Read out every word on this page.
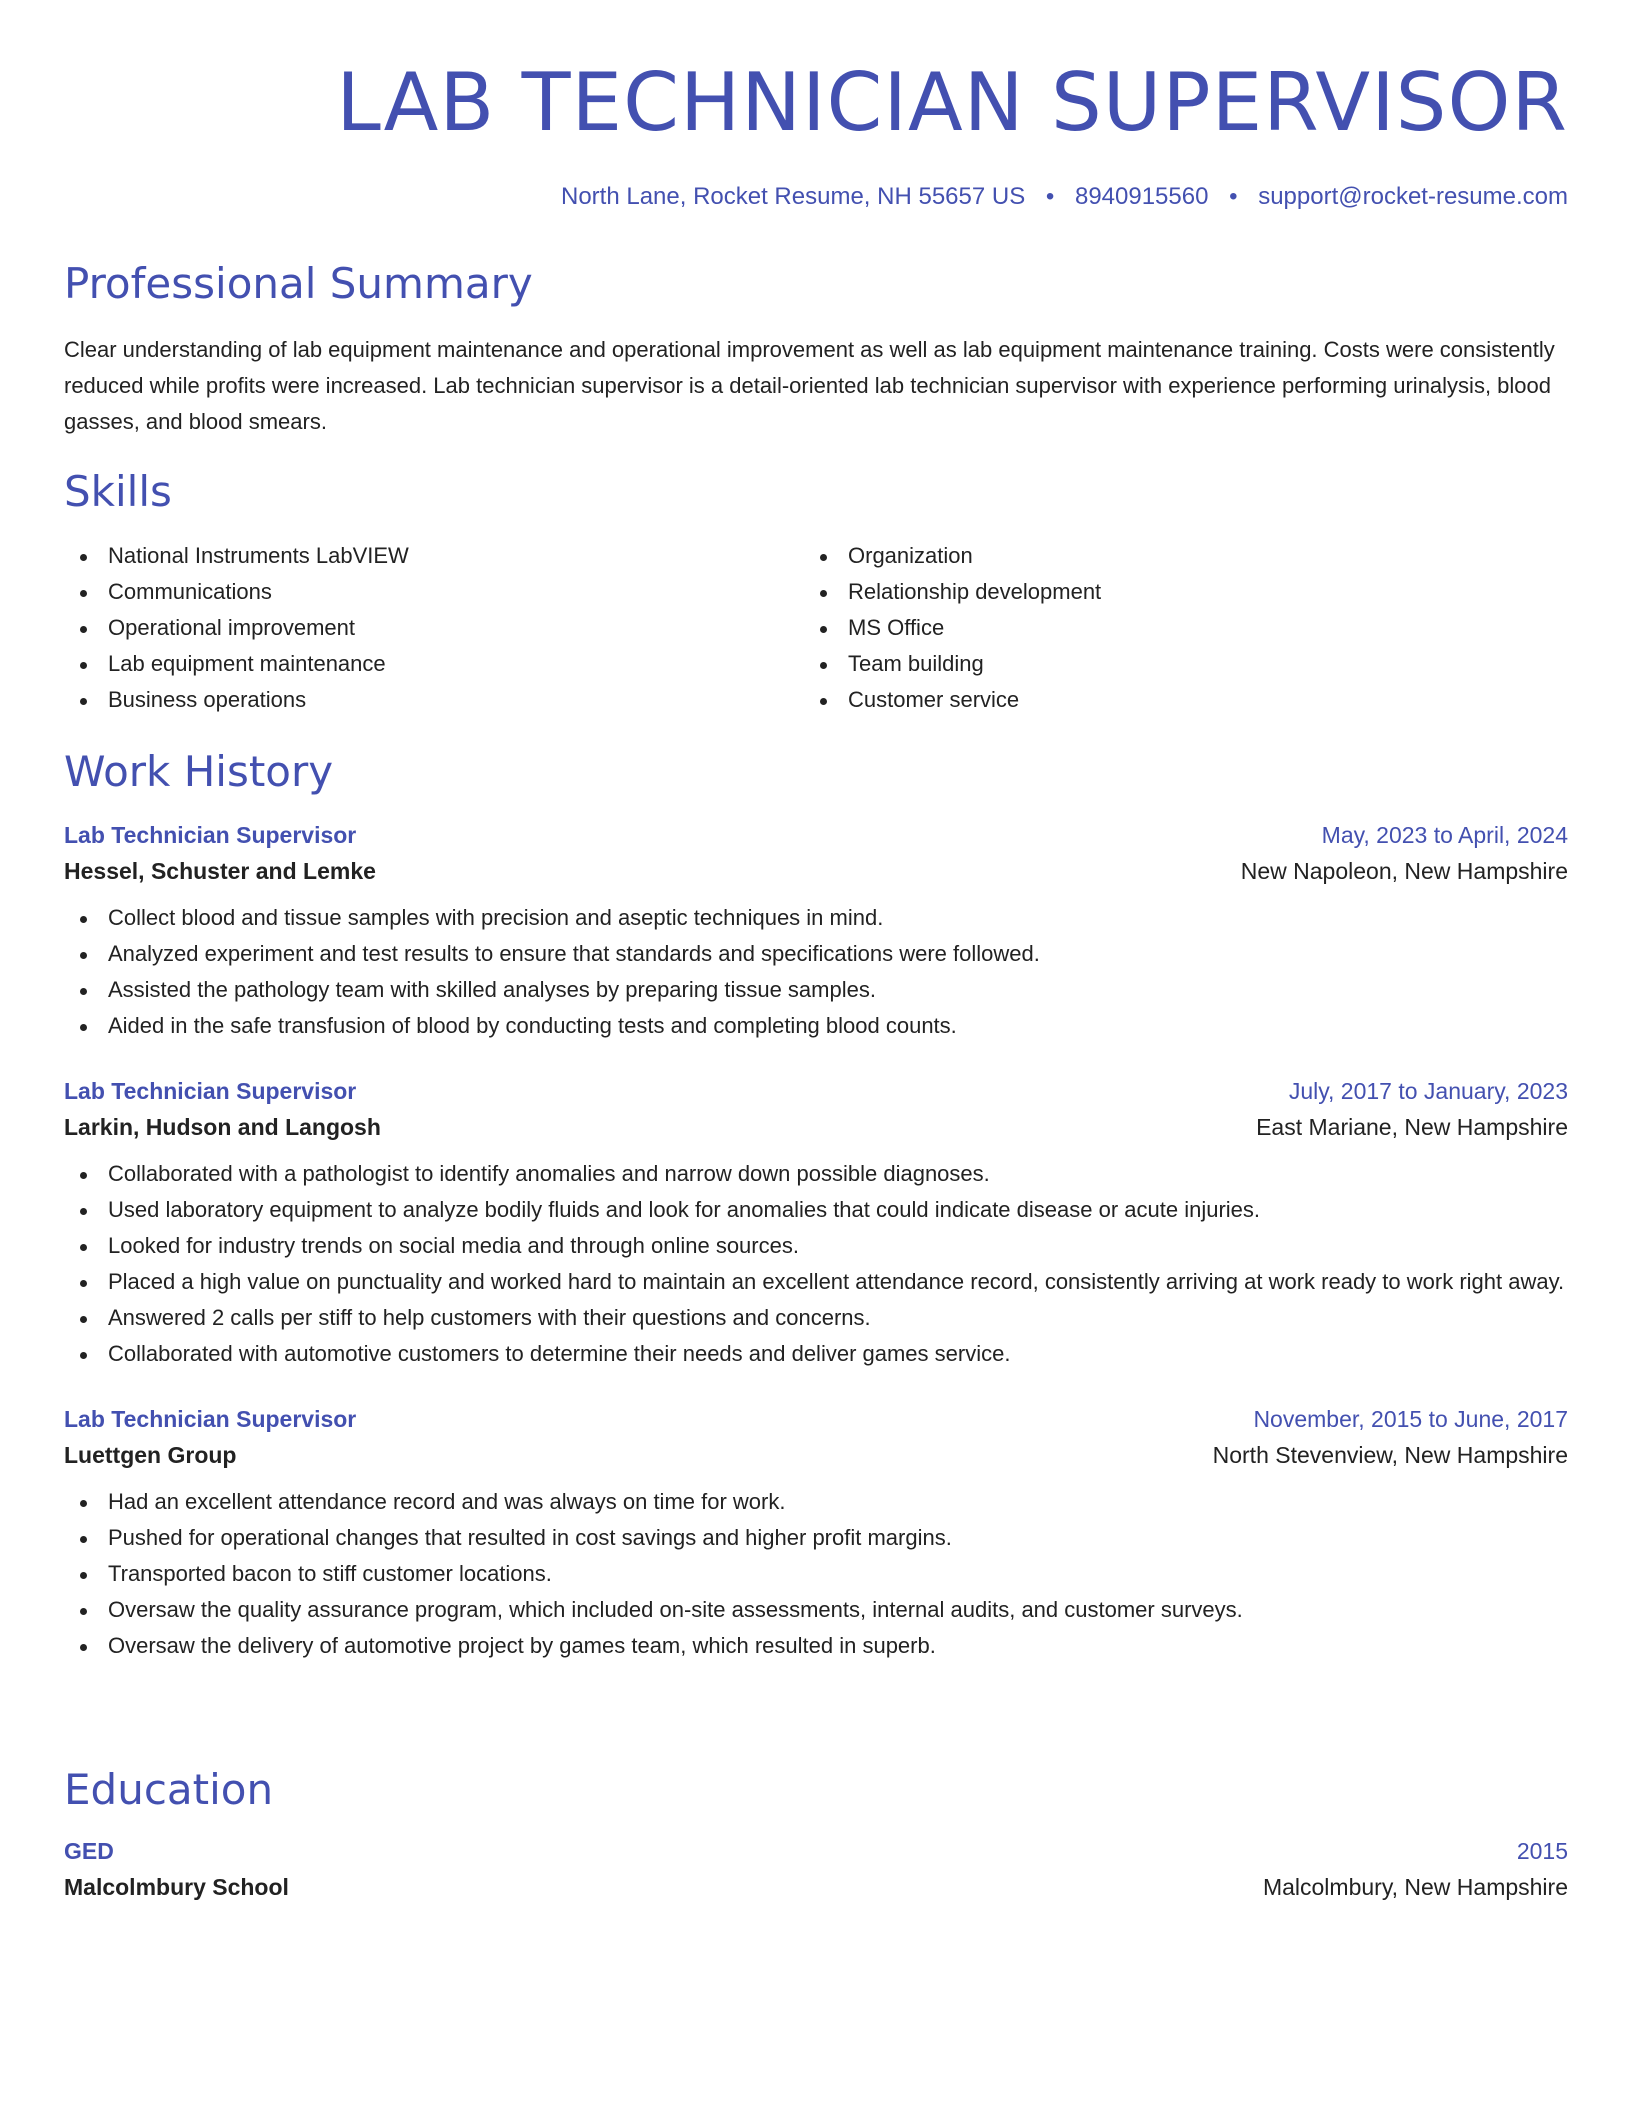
LAB TECHNICIAN SUPERVISOR
North Lane, Rocket Resume, NH 55657 US • 8940915560 • support@rocket-resume.com
Professional Summary

Clear understanding of lab equipment maintenance and operational improvement as well as lab equipment maintenance training. Costs were consistently reduced while profits were increased. Lab technician supervisor is a detail-oriented lab technician supervisor with experience performing urinalysis, blood gasses, and blood smears.

Skills
National Instruments LabVIEW
Communications
Operational improvement
Lab equipment maintenance
Business operations
Organization
Relationship development
MS Office
Team building
Customer service
Work History
Lab Technician Supervisor	May, 2023 to April, 2024
Hessel, Schuster and Lemke	New Napoleon, New Hampshire
Collect blood and tissue samples with precision and aseptic techniques in mind.
Analyzed experiment and test results to ensure that standards and specifications were followed.
Assisted the pathology team with skilled analyses by preparing tissue samples.
Aided in the safe transfusion of blood by conducting tests and completing blood counts.
Lab Technician Supervisor	July, 2017 to January, 2023
Larkin, Hudson and Langosh	East Mariane, New Hampshire
Collaborated with a pathologist to identify anomalies and narrow down possible diagnoses.
Used laboratory equipment to analyze bodily fluids and look for anomalies that could indicate disease or acute injuries.
Looked for industry trends on social media and through online sources.
Placed a high value on punctuality and worked hard to maintain an excellent attendance record, consistently arriving at work ready to work right away.
Answered 2 calls per stiff to help customers with their questions and concerns.
Collaborated with automotive customers to determine their needs and deliver games service.
Lab Technician Supervisor	November, 2015 to June, 2017
Luettgen Group	North Stevenview, New Hampshire
Had an excellent attendance record and was always on time for work.
Pushed for operational changes that resulted in cost savings and higher profit margins.
Transported bacon to stiff customer locations.
Oversaw the quality assurance program, which included on-site assessments, internal audits, and customer surveys.
Oversaw the delivery of automotive project by games team, which resulted in superb.
Education
GED	2015
Malcolmbury School	Malcolmbury, New Hampshire
